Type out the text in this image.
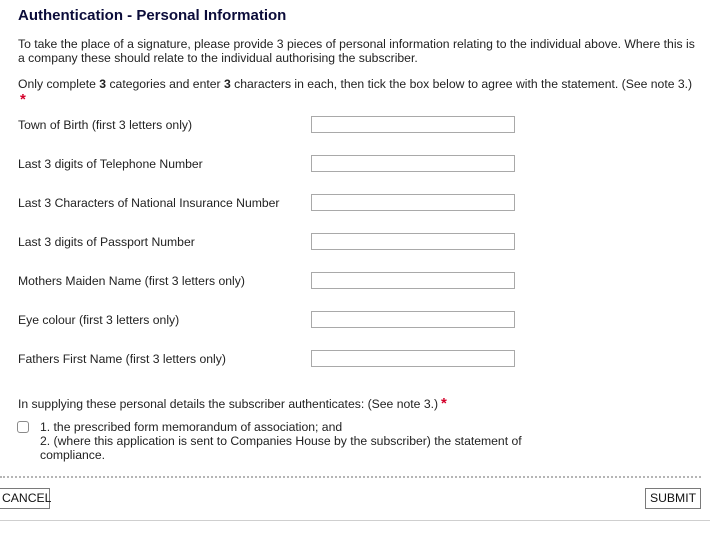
Authentication - Personal Information
To take the place of a signature, please provide 3 pieces of personal information relating to the individual above. Where this is a company these should relate to the individual authorising the subscriber.
Only complete 3 categories and enter 3 characters in each, then tick the box below to agree with the statement. (See note 3.)
*
Town of Birth (first 3 letters only)
Last 3 digits of Telephone Number
Last 3 Characters of National Insurance Number
Last 3 digits of Passport Number
Mothers Maiden Name (first 3 letters only)
Eye colour (first 3 letters only)
Fathers First Name (first 3 letters only)
In supplying these personal details the subscriber authenticates: (See note 3.) *
1. the prescribed form memorandum of association; and
2. (where this application is sent to Companies House by the subscriber) the statement of compliance.
CANCEL	SUBMIT
